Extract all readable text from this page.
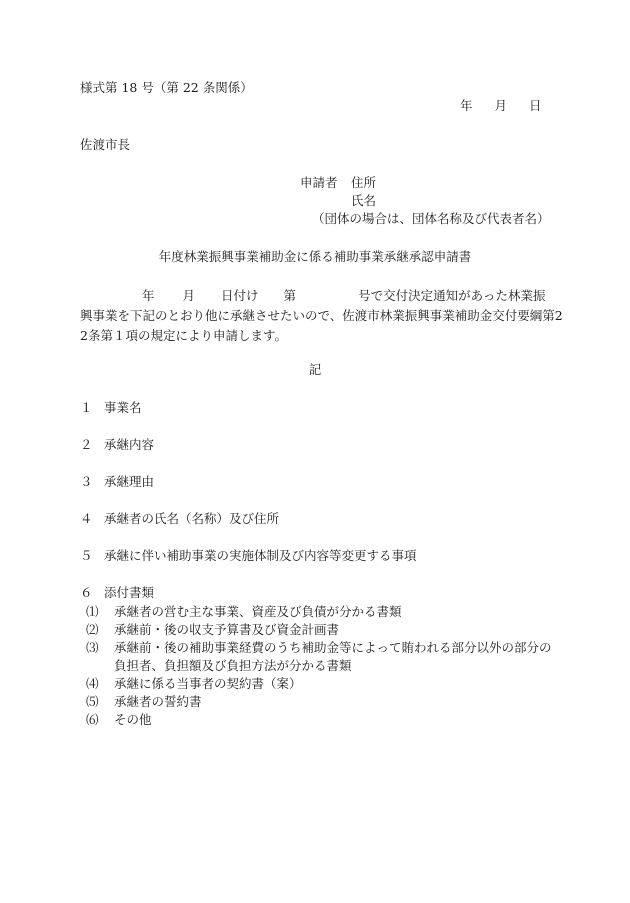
様式第 18 号（第 22 条関係）
年 月 日
佐渡市長
申請者 住所
氏名
（団体の場合は、団体名称及び代表者名）
年度林業振興事業補助金に係る補助事業承継承認申請書
年 月 日付け 第	号で交付決定通知があった林業振
興事業を下記のとおり他に承継させたいので、佐渡市林業振興事業補助金交付要綱第2
2条第１項の規定により申請します。
記
１ 事業名
２ 承継内容
３ 承継理由
４ 承継者の氏名（名称）及び住所
５ 承継に伴い補助事業の実施体制及び内容等変更する事項
６ 添付書類
⑴ 承継者の営む主な事業、資産及び負債が分かる書類
⑵ 承継前・後の収支予算書及び資金計画書
⑶ 承継前・後の補助事業経費のうち補助金等によって賄われる部分以外の部分の
負担者、負担額及び負担方法が分かる書類
⑷ 承継に係る当事者の契約書（案）
⑸ 承継者の誓約書
⑹ その他
